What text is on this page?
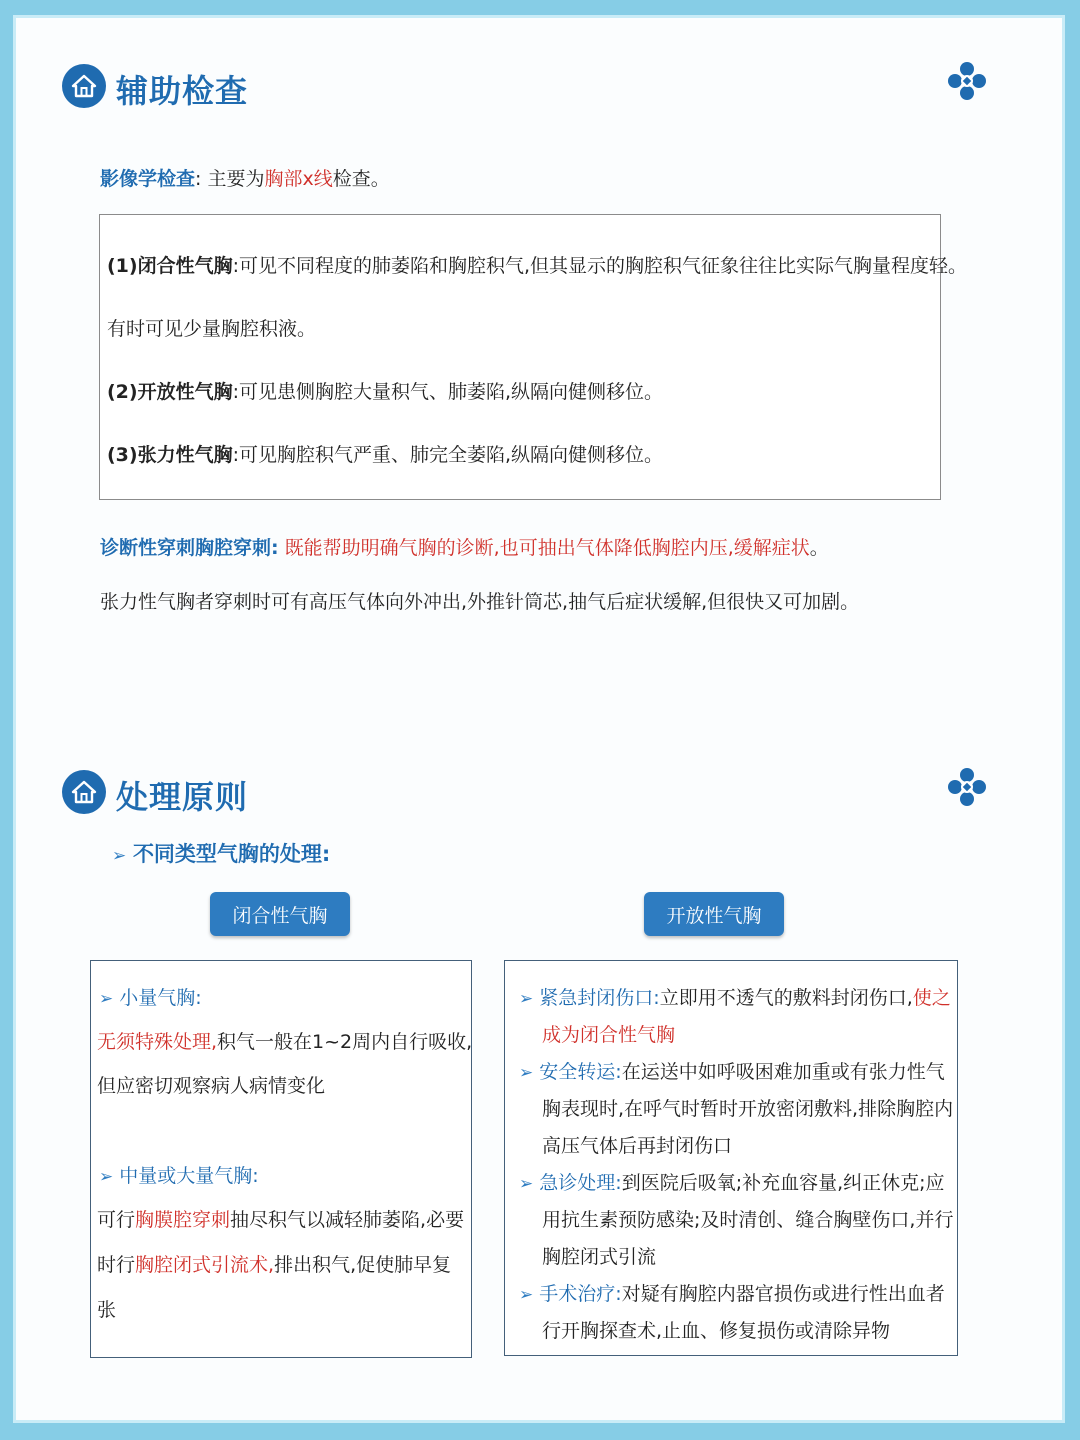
辅助检查
影像学检查: 主要为胸部x线检查。
(1)闭合性气胸:可见不同程度的肺萎陷和胸腔积气,但其显示的胸腔积气征象往往比实际气胸量程度轻。
有时可见少量胸腔积液。
(2)开放性气胸:可见患侧胸腔大量积气、肺萎陷,纵隔向健侧移位。
(3)张力性气胸:可见胸腔积气严重、肺完全萎陷,纵隔向健侧移位。
诊断性穿刺胸腔穿刺: 既能帮助明确气胸的诊断,也可抽出气体降低胸腔内压,缓解症状。
张力性气胸者穿刺时可有高压气体向外冲出,外推针筒芯,抽气后症状缓解,但很快又可加剧。
处理原则
➢ 不同类型气胸的处理:
闭合性气胸	开放性气胸
➢ 小量气胸:
无须特殊处理,积气一般在1~2周内自行吸收,
但应密切观察病人病情变化
➢ 中量或大量气胸:
可行胸膜腔穿刺抽尽积气以减轻肺萎陷,必要
时行胸腔闭式引流术,排出积气,促使肺早复
张
➢ 紧急封闭伤口:立即用不透气的敷料封闭伤口,使之
成为闭合性气胸
➢ 安全转运:在运送中如呼吸困难加重或有张力性气
胸表现时,在呼气时暂时开放密闭敷料,排除胸腔内
高压气体后再封闭伤口
➢ 急诊处理:到医院后吸氧;补充血容量,纠正休克;应
用抗生素预防感染;及时清创、缝合胸壁伤口,并行
胸腔闭式引流
➢ 手术治疗:对疑有胸腔内器官损伤或进行性出血者
行开胸探查术,止血、修复损伤或清除异物
